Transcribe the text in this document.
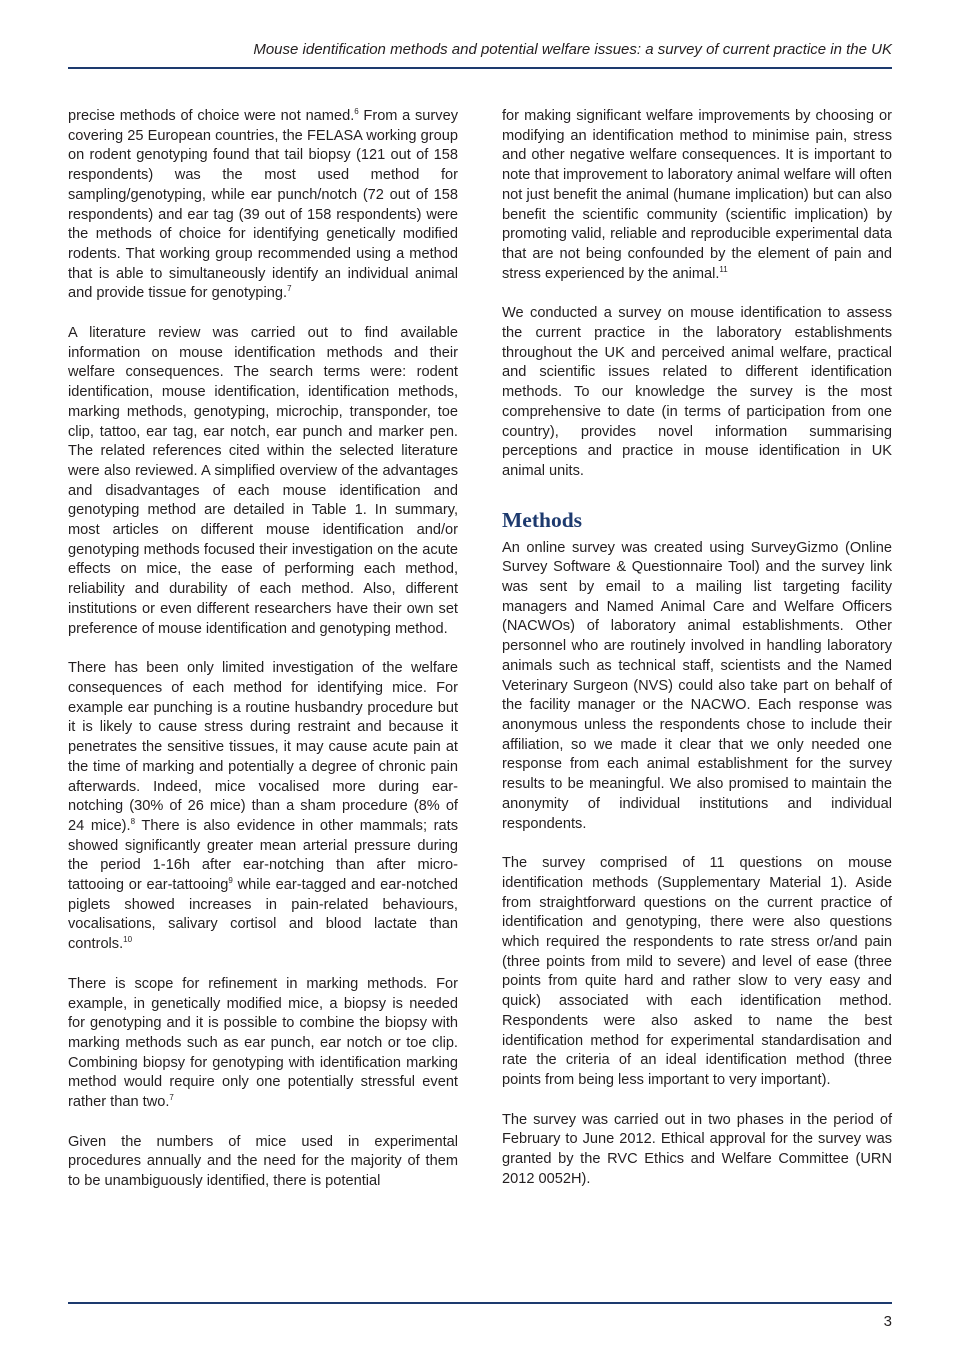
Mouse identification methods and potential welfare issues: a survey of current practice in the UK

precise methods of choice were not named.$^6$ From a survey covering 25 European countries, the FELASA working group on rodent genotyping found that tail biopsy (121 out of 158 respondents) was the most used method for sampling/genotyping, while ear punch/notch (72 out of 158 respondents) and ear tag (39 out of 158 respondents) were the methods of choice for identifying genetically modified rodents. That working group recommended using a method that is able to simultaneously identify an individual animal and provide tissue for genotyping.$^7$

A literature review was carried out to find available information on mouse identification methods and their welfare consequences. The search terms were: rodent identification, mouse identification, identification methods, marking methods, genotyping, microchip, transponder, toe clip, tattoo, ear tag, ear notch, ear punch and marker pen. The related references cited within the selected literature were also reviewed. A simplified overview of the advantages and disadvantages of each mouse identification and genotyping method are detailed in Table 1. In summary, most articles on different mouse identification and/or genotyping methods focused their investigation on the acute effects on mice, the ease of performing each method, reliability and durability of each method. Also, different institutions or even different researchers have their own set preference of mouse identification and genotyping method.

There has been only limited investigation of the welfare consequences of each method for identifying mice. For example ear punching is a routine husbandry procedure but it is likely to cause stress during restraint and because it penetrates the sensitive tissues, it may cause acute pain at the time of marking and potentially a degree of chronic pain afterwards. Indeed, mice vocalised more during ear-notching (30% of 26 mice) than a sham procedure (8% of 24 mice).$^8$ There is also evidence in other mammals; rats showed significantly greater mean arterial pressure during the period 1-16h after ear-notching than after micro-tattooing or ear-tattooing$^9$ while ear-tagged and ear-notched piglets showed increases in pain-related behaviours, vocalisations, salivary cortisol and blood lactate than controls.$^{10}$

There is scope for refinement in marking methods. For example, in genetically modified mice, a biopsy is needed for genotyping and it is possible to combine the biopsy with marking methods such as ear punch, ear notch or toe clip. Combining biopsy for genotyping with identification marking method would require only one potentially stressful event rather than two.$^7$

Given the numbers of mice used in experimental procedures annually and the need for the majority of them to be unambiguously identified, there is potential

for making significant welfare improvements by choosing or modifying an identification method to minimise pain, stress and other negative welfare consequences. It is important to note that improvement to laboratory animal welfare will often not just benefit the animal (humane implication) but can also benefit the scientific community (scientific implication) by promoting valid, reliable and reproducible experimental data that are not being confounded by the element of pain and stress experienced by the animal.$^{11}$

We conducted a survey on mouse identification to assess the current practice in the laboratory establishments throughout the UK and perceived animal welfare, practical and scientific issues related to different identification methods. To our knowledge the survey is the most comprehensive to date (in terms of participation from one country), provides novel information summarising perceptions and practice in mouse identification in UK animal units.

Methods

An online survey was created using SurveyGizmo (Online Survey Software & Questionnaire Tool) and the survey link was sent by email to a mailing list targeting facility managers and Named Animal Care and Welfare Officers (NACWOs) of laboratory animal establishments. Other personnel who are routinely involved in handling laboratory animals such as technical staff, scientists and the Named Veterinary Surgeon (NVS) could also take part on behalf of the facility manager or the NACWO. Each response was anonymous unless the respondents chose to include their affiliation, so we made it clear that we only needed one response from each animal establishment for the survey results to be meaningful. We also promised to maintain the anonymity of individual institutions and individual respondents.

The survey comprised of 11 questions on mouse identification methods (Supplementary Material 1). Aside from straightforward questions on the current practice of identification and genotyping, there were also questions which required the respondents to rate stress or/and pain (three points from mild to severe) and level of ease (three points from quite hard and rather slow to very easy and quick) associated with each identification method. Respondents were also asked to name the best identification method for experimental standardisation and rate the criteria of an ideal identification method (three points from being less important to very important).

The survey was carried out in two phases in the period of February to June 2012. Ethical approval for the survey was granted by the RVC Ethics and Welfare Committee (URN 2012 0052H).

3
